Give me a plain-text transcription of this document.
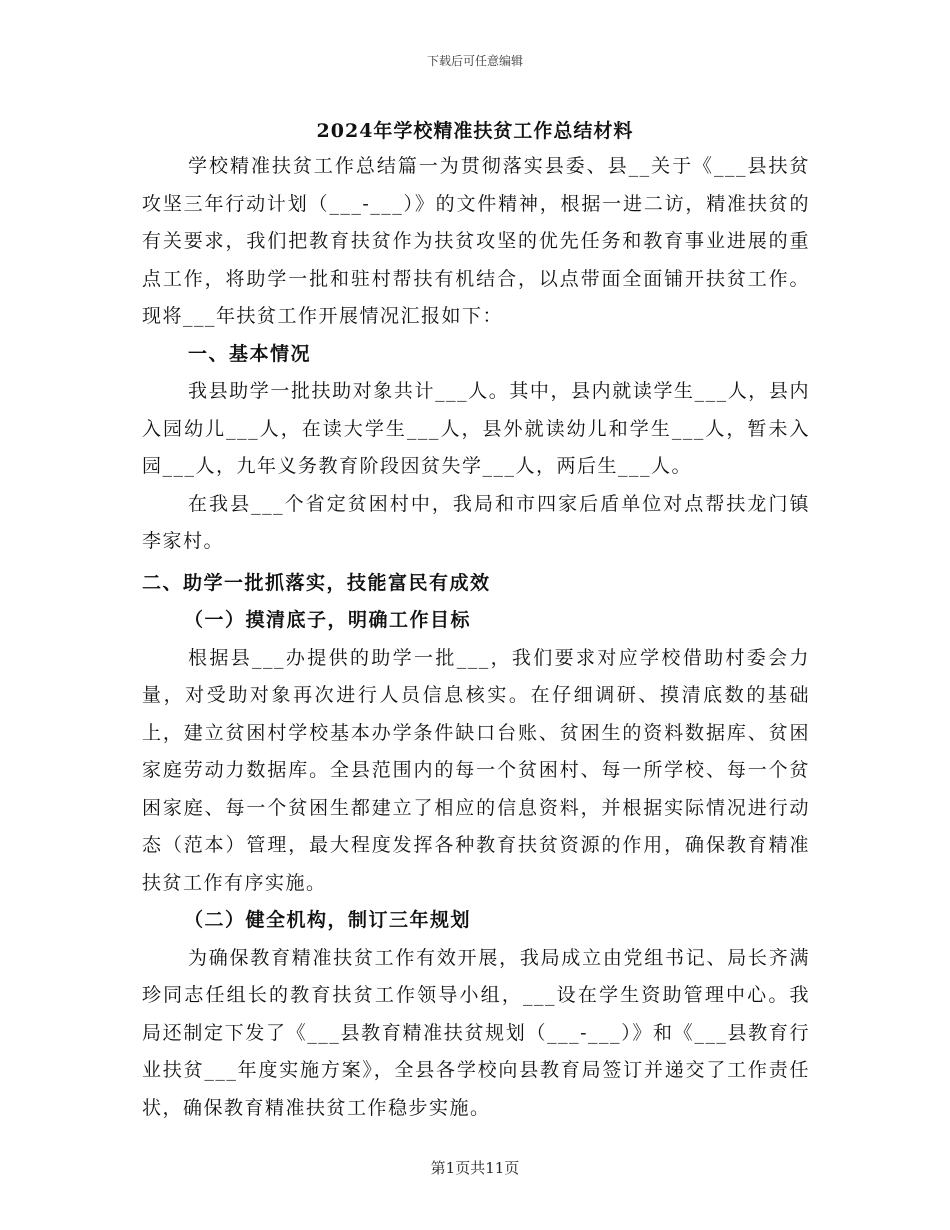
下载后可任意编辑
2024年学校精准扶贫工作总结材料

学校精准扶贫工作总结篇一为贯彻落实县委、县__关于《___县扶贫攻坚三年行动计划（___-___）》的文件精神，根据一进二访，精准扶贫的有关要求，我们把教育扶贫作为扶贫攻坚的优先任务和教育事业进展的重点工作，将助学一批和驻村帮扶有机结合，以点带面全面铺开扶贫工作。现将___年扶贫工作开展情况汇报如下：

一、基本情况

我县助学一批扶助对象共计___人。其中，县内就读学生___人，县内入园幼儿___人，在读大学生___人，县外就读幼儿和学生___人，暂未入园___人，九年义务教育阶段因贫失学___人，两后生___人。

在我县___个省定贫困村中，我局和市四家后盾单位对点帮扶龙门镇李家村。

二、助学一批抓落实，技能富民有成效

（一）摸清底子，明确工作目标

根据县___办提供的助学一批___，我们要求对应学校借助村委会力量，对受助对象再次进行人员信息核实。在仔细调研、摸清底数的基础上，建立贫困村学校基本办学条件缺口台账、贫困生的资料数据库、贫困家庭劳动力数据库。全县范围内的每一个贫困村、每一所学校、每一个贫困家庭、每一个贫困生都建立了相应的信息资料，并根据实际情况进行动态（范本）管理，最大程度发挥各种教育扶贫资源的作用，确保教育精准扶贫工作有序实施。

（二）健全机构，制订三年规划

为确保教育精准扶贫工作有效开展，我局成立由党组书记、局长齐满珍同志任组长的教育扶贫工作领导小组，___设在学生资助管理中心。我局还制定下发了《___县教育精准扶贫规划（___-___）》和《___县教育行业扶贫___年度实施方案》，全县各学校向县教育局签订并递交了工作责任状，确保教育精准扶贫工作稳步实施。

第1页共11页
